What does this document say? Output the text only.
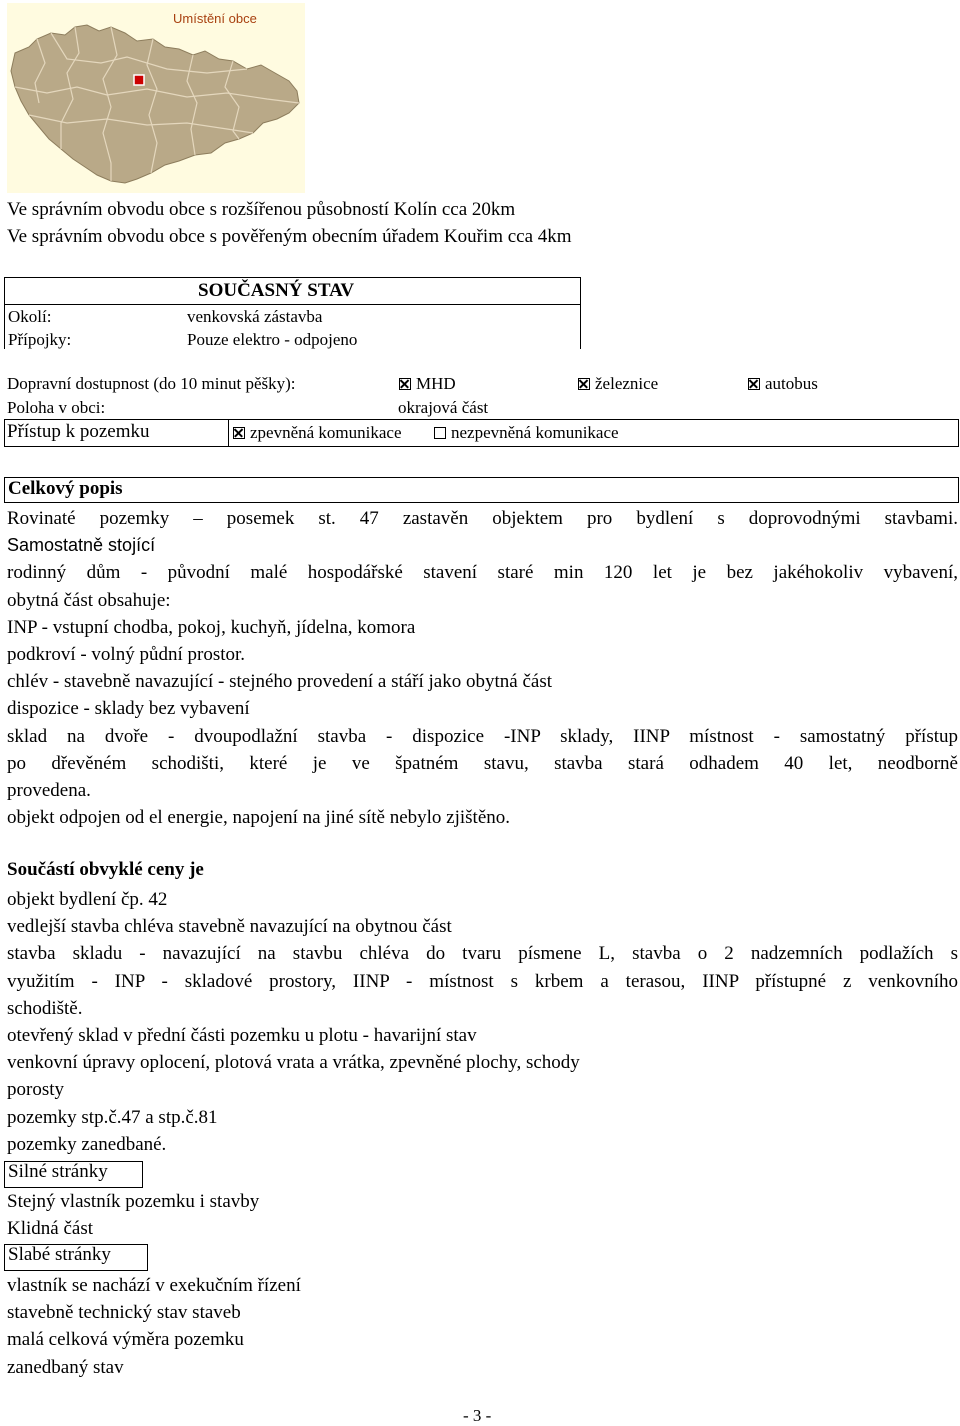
Umístění obce
Ve správním obvodu obce s rozšířenou působností Kolín cca 20km
Ve správním obvodu obce s pověřeným obecním úřadem Kouřim cca 4km
SOUČASNÝ STAV
Okolí:	venkovská zástavba
Přípojky:	Pouze elektro - odpojeno
Dopravní dostupnost (do 10 minut pěšky):	MHD	železnice	autobus
Poloha v obci:	okrajová část
Přístup k pozemku	zpevněná komunikace	nezpevněná komunikace
Celkový popis
Rovinaté pozemky – posemek st. 47 zastavěn objektem pro bydlení s doprovodnými stavbami.
Samostatně stojící
rodinný dům - původní malé hospodářské stavení staré min 120 let je bez jakéhokoliv vybavení,
obytná část obsahuje:
INP - vstupní chodba, pokoj, kuchyň, jídelna, komora
podkroví - volný půdní prostor.
chlév - stavebně navazující - stejného provedení a stáří jako obytná část
dispozice - sklady bez vybavení
sklad na dvoře - dvoupodlažní stavba - dispozice -INP sklady, IINP místnost - samostatný přístup
po dřevěném schodišti, které je ve špatném stavu, stavba stará odhadem 40 let, neodborně
provedena.
objekt odpojen od el energie, napojení na jiné sítě nebylo zjištěno.
Součástí obvyklé ceny je
objekt bydlení čp. 42
vedlejší stavba chléva stavebně navazující na obytnou část
stavba skladu - navazující na stavbu chléva do tvaru písmene L, stavba o 2 nadzemních podlažích s
využitím - INP - skladové prostory, IINP - místnost s krbem a terasou, IINP přístupné z venkovního
schodiště.
otevřený sklad v přední části pozemku u plotu - havarijní stav
venkovní úpravy oplocení, plotová vrata a vrátka, zpevněné plochy, schody
porosty
pozemky stp.č.47 a stp.č.81
pozemky zanedbané.
Silné stránky
Stejný vlastník pozemku i stavby
Klidná část
Slabé stránky
vlastník se nachází v exekučním řízení
stavebně technický stav staveb
malá celková výměra pozemku
zanedbaný stav
- 3 -
